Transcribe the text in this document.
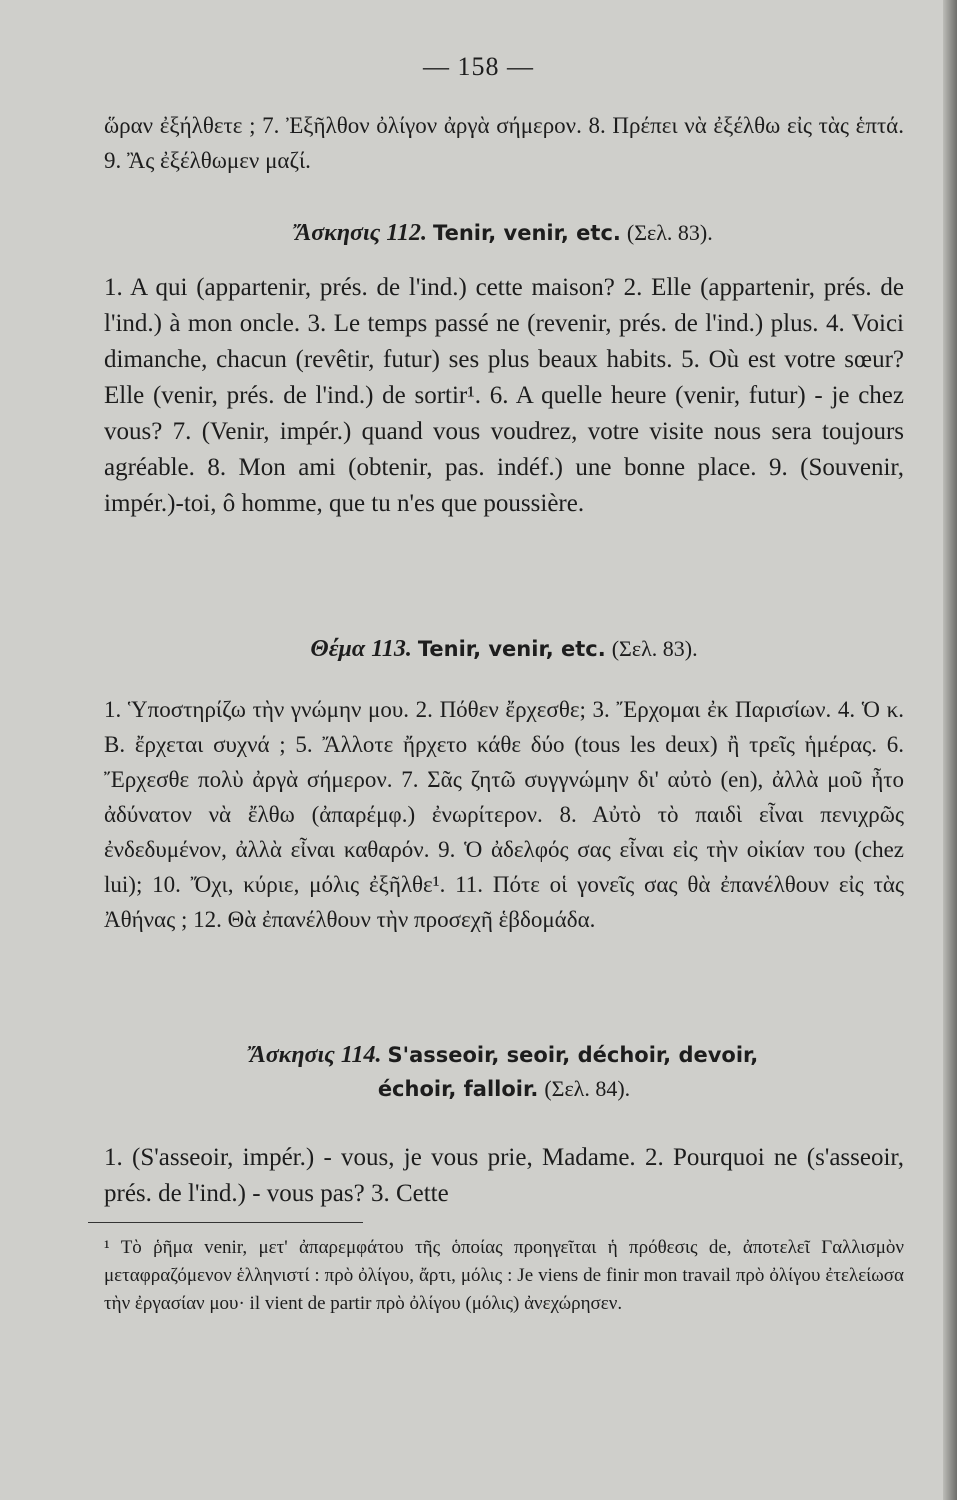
— 158 —

ὥραν ἐξήλθετε ; 7. Ἐξῆλθον ὀλίγον ἀργὰ σήμερον. 8. Πρέπει νὰ ἐξέλθω εἰς τὰς ἑπτά. 9. Ἂς ἐξέλθωμεν μαζί.

Ἄσκησις 112. Tenir, venir, etc. (Σελ. 83).

1. A qui (appartenir, prés. de l'ind.) cette maison? 2. Elle (appartenir, prés. de l'ind.) à mon oncle. 3. Le temps passé ne (revenir, prés. de l'ind.) plus. 4. Voici dimanche, chacun (revêtir, futur) ses plus beaux habits. 5. Où est votre sœur? Elle (venir, prés. de l'ind.) de sortir¹. 6. A quelle heure (venir, futur) - je chez vous? 7. (Venir, impér.) quand vous voudrez, votre visite nous sera toujours agréable. 8. Mon ami (obtenir, pas. indéf.) une bonne place. 9. (Souvenir, impér.)-toi, ô homme, que tu n'es que poussière.

Θέμα 113. Tenir, venir, etc. (Σελ. 83).

1. Ὑποστηρίζω τὴν γνώμην μου. 2. Πόθεν ἔρχεσθε; 3. Ἔρχομαι ἐκ Παρισίων. 4. Ὁ κ. Β. ἔρχεται συχνά ; 5. Ἄλλοτε ἤρχετο κάθε δύο (tous les deux) ἢ τρεῖς ἡμέρας. 6. Ἔρχεσθε πολὺ ἀργὰ σήμερον. 7. Σᾶς ζητῶ συγγνώμην δι' αὐτὸ (en), ἀλλὰ μοῦ ἦτο ἀδύνατον νὰ ἔλθω (ἀπαρέμφ.) ἐνωρίτερον. 8. Αὐτὸ τὸ παιδὶ εἶναι πενιχρῶς ἐνδεδυμένον, ἀλλὰ εἶναι καθαρόν. 9. Ὁ ἀδελφός σας εἶναι εἰς τὴν οἰκίαν του (chez lui); 10. Ὄχι, κύριε, μόλις ἐξῆλθε¹. 11. Πότε οἱ γονεῖς σας θὰ ἐπανέλθουν εἰς τὰς Ἀθήνας ; 12. Θὰ ἐπανέλθουν τὴν προσεχῆ ἑβδομάδα.

Ἄσκησις 114. S'asseoir, seoir, déchoir, devoir,
échoir, falloir. (Σελ. 84).

1. (S'asseoir, impér.) - vous, je vous prie, Madame. 2. Pourquoi ne (s'asseoir, prés. de l'ind.) - vous pas? 3. Cette

¹ Τὸ ῥῆμα venir, μετ' ἀπαρεμφάτου τῆς ὁποίας προηγεῖται ἡ πρόθεσις de, ἀποτελεῖ Γαλλισμὸν μεταφραζόμενον ἑλληνιστί : πρὸ ὀλίγου, ἄρτι, μόλις : Je viens de finir mon travail πρὸ ὀλίγου ἐτελείωσα τὴν ἐργασίαν μου· il vient de partir πρὸ ὀλίγου (μόλις) ἀνεχώρησεν.
